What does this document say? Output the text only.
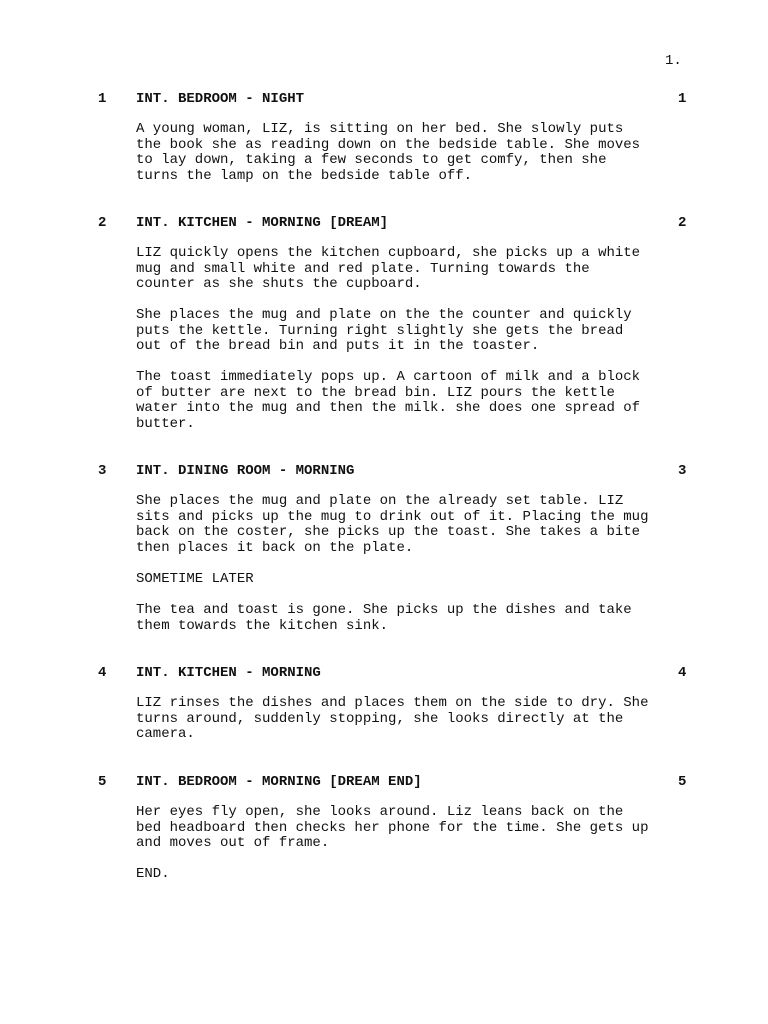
1.
1 INT. BEDROOM - NIGHT	1
A young woman, LIZ, is sitting on her bed. She slowly puts
the book she as reading down on the bedside table. She moves
to lay down, taking a few seconds to get comfy, then she
turns the lamp on the bedside table off.
2 INT. KITCHEN - MORNING [DREAM]	2
LIZ quickly opens the kitchen cupboard, she picks up a white
mug and small white and red plate. Turning towards the
counter as she shuts the cupboard.
She places the mug and plate on the the counter and quickly
puts the kettle. Turning right slightly she gets the bread
out of the bread bin and puts it in the toaster.
The toast immediately pops up. A cartoon of milk and a block
of butter are next to the bread bin. LIZ pours the kettle
water into the mug and then the milk. she does one spread of
butter.
3 INT. DINING ROOM - MORNING	3
She places the mug and plate on the already set table. LIZ
sits and picks up the mug to drink out of it. Placing the mug
back on the coster, she picks up the toast. She takes a bite
then places it back on the plate.
SOMETIME LATER
The tea and toast is gone. She picks up the dishes and take
them towards the kitchen sink.
4 INT. KITCHEN - MORNING	4
LIZ rinses the dishes and places them on the side to dry. She
turns around, suddenly stopping, she looks directly at the
camera.
5 INT. BEDROOM - MORNING [DREAM END]	5
Her eyes fly open, she looks around. Liz leans back on the
bed headboard then checks her phone for the time. She gets up
and moves out of frame.
END.
